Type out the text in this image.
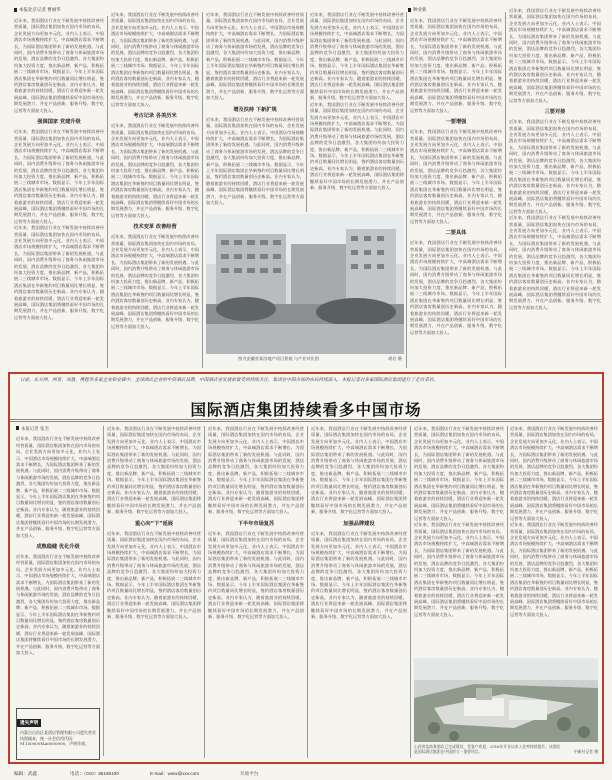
本报北京记者 曹丽华	种业新
近年来，我国酒店行业在不断发展中持续改善经营质量，国际酒店集团加快在国内市场的布局，企业发展方向更加多元化。业内人士表示，中国酒店市场规模持续扩大，中高端酒店需求不断增长，为国际酒店集团带来了新的发展机遇。与此同时，国内消费升级带动了商务与休闲旅游市场的发展，酒店品牌的竞争日趋激烈，各大集团纷纷加大投资力度，推出新品牌、新产品，积极拓展二三线城市市场。数据显示，今年上半年国际酒店集团在华新签约项目数量同比增长明显，签约酒店客房数量创历史新高。业内专家认为，随着旅游业的持续回暖，酒店行业将迎来新一轮发展高峰，国际酒店集团将继续看好中国市场的长期发展潜力，并在产品创新、服务升级、数字化运营等方面加大投入。
强调国家 党建升级
近年来，我国酒店行业在不断发展中持续改善经营质量，国际酒店集团加快在国内市场的布局，企业发展方向更加多元化。业内人士表示，中国酒店市场规模持续扩大，中高端酒店需求不断增长，为国际酒店集团带来了新的发展机遇。与此同时，国内消费升级带动了商务与休闲旅游市场的发展，酒店品牌的竞争日趋激烈，各大集团纷纷加大投资力度，推出新品牌、新产品，积极拓展二三线城市市场。数据显示，今年上半年国际酒店集团在华新签约项目数量同比增长明显，签约酒店客房数量创历史新高。业内专家认为，随着旅游业的持续回暖，酒店行业将迎来新一轮发展高峰，国际酒店集团将继续看好中国市场的长期发展潜力，并在产品创新、服务升级、数字化运营等方面加大投入。
近年来，我国酒店行业在不断发展中持续改善经营质量，国际酒店集团加快在国内市场的布局，企业发展方向更加多元化。业内人士表示，中国酒店市场规模持续扩大，中高端酒店需求不断增长，为国际酒店集团带来了新的发展机遇。与此同时，国内消费升级带动了商务与休闲旅游市场的发展，酒店品牌的竞争日趋激烈，各大集团纷纷加大投资力度，推出新品牌、新产品，积极拓展二三线城市市场。数据显示，今年上半年国际酒店集团在华新签约项目数量同比增长明显，签约酒店客房数量创历史新高。业内专家认为，随着旅游业的持续回暖，酒店行业将迎来新一轮发展高峰，国际酒店集团将继续看好中国市场的长期发展潜力，并在产品创新、服务升级、数字化运营等方面加大投入。
近年来，我国酒店行业在不断发展中持续改善经营质量，国际酒店集团加快在国内市场的布局，企业发展方向更加多元化。业内人士表示，中国酒店市场规模持续扩大，中高端酒店需求不断增长，为国际酒店集团带来了新的发展机遇。与此同时，国内消费升级带动了商务与休闲旅游市场的发展，酒店品牌的竞争日趋激烈，各大集团纷纷加大投资力度，推出新品牌、新产品，积极拓展二三线城市市场。数据显示，今年上半年国际酒店集团在华新签约项目数量同比增长明显，签约酒店客房数量创历史新高。业内专家认为，随着旅游业的持续回暖，酒店行业将迎来新一轮发展高峰，国际酒店集团将继续看好中国市场的长期发展潜力，并在产品创新、服务升级、数字化运营等方面加大投入。
考古记录 各美历米
近年来，我国酒店行业在不断发展中持续改善经营质量，国际酒店集团加快在国内市场的布局，企业发展方向更加多元化。业内人士表示，中国酒店市场规模持续扩大，中高端酒店需求不断增长，为国际酒店集团带来了新的发展机遇。与此同时，国内消费升级带动了商务与休闲旅游市场的发展，酒店品牌的竞争日趋激烈，各大集团纷纷加大投资力度，推出新品牌、新产品，积极拓展二三线城市市场。数据显示，今年上半年国际酒店集团在华新签约项目数量同比增长明显，签约酒店客房数量创历史新高。业内专家认为，随着旅游业的持续回暖，酒店行业将迎来新一轮发展高峰，国际酒店集团将继续看好中国市场的长期发展潜力，并在产品创新、服务升级、数字化运营等方面加大投入。
技术变革 改善经营
近年来，我国酒店行业在不断发展中持续改善经营质量，国际酒店集团加快在国内市场的布局，企业发展方向更加多元化。业内人士表示，中国酒店市场规模持续扩大，中高端酒店需求不断增长，为国际酒店集团带来了新的发展机遇。与此同时，国内消费升级带动了商务与休闲旅游市场的发展，酒店品牌的竞争日趋激烈，各大集团纷纷加大投资力度，推出新品牌、新产品，积极拓展二三线城市市场。数据显示，今年上半年国际酒店集团在华新签约项目数量同比增长明显，签约酒店客房数量创历史新高。业内专家认为，随着旅游业的持续回暖，酒店行业将迎来新一轮发展高峰，国际酒店集团将继续看好中国市场的长期发展潜力，并在产品创新、服务升级、数字化运营等方面加大投入。
近年来，我国酒店行业在不断发展中持续改善经营质量，国际酒店集团加快在国内市场的布局，企业发展方向更加多元化。业内人士表示，中国酒店市场规模持续扩大，中高端酒店需求不断增长，为国际酒店集团带来了新的发展机遇。与此同时，国内消费升级带动了商务与休闲旅游市场的发展，酒店品牌的竞争日趋激烈，各大集团纷纷加大投资力度，推出新品牌、新产品，积极拓展二三线城市市场。数据显示，今年上半年国际酒店集团在华新签约项目数量同比增长明显，签约酒店客房数量创历史新高。业内专家认为，随着旅游业的持续回暖，酒店行业将迎来新一轮发展高峰，国际酒店集团将继续看好中国市场的长期发展潜力，并在产品创新、服务升级、数字化运营等方面加大投入。
增及扶持 下新扩规
近年来，我国酒店行业在不断发展中持续改善经营质量，国际酒店集团加快在国内市场的布局，企业发展方向更加多元化。业内人士表示，中国酒店市场规模持续扩大，中高端酒店需求不断增长，为国际酒店集团带来了新的发展机遇。与此同时，国内消费升级带动了商务与休闲旅游市场的发展，酒店品牌的竞争日趋激烈，各大集团纷纷加大投资力度，推出新品牌、新产品，积极拓展二三线城市市场。数据显示，今年上半年国际酒店集团在华新签约项目数量同比增长明显，签约酒店客房数量创历史新高。业内专家认为，随着旅游业的持续回暖，酒店行业将迎来新一轮发展高峰，国际酒店集团将继续看好中国市场的长期发展潜力，并在产品创新、服务升级、数字化运营等方面加大投入。
近年来，我国酒店行业在不断发展中持续改善经营质量，国际酒店集团加快在国内市场的布局，企业发展方向更加多元化。业内人士表示，中国酒店市场规模持续扩大，中高端酒店需求不断增长，为国际酒店集团带来了新的发展机遇。与此同时，国内消费升级带动了商务与休闲旅游市场的发展，酒店品牌的竞争日趋激烈，各大集团纷纷加大投资力度，推出新品牌、新产品，积极拓展二三线城市市场。数据显示，今年上半年国际酒店集团在华新签约项目数量同比增长明显，签约酒店客房数量创历史新高。业内专家认为，随着旅游业的持续回暖，酒店行业将迎来新一轮发展高峰，国际酒店集团将继续看好中国市场的长期发展潜力，并在产品创新、服务升级、数字化运营等方面加大投入。
近年来，我国酒店行业在不断发展中持续改善经营质量，国际酒店集团加快在国内市场的布局，企业发展方向更加多元化。业内人士表示，中国酒店市场规模持续扩大，中高端酒店需求不断增长，为国际酒店集团带来了新的发展机遇。与此同时，国内消费升级带动了商务与休闲旅游市场的发展，酒店品牌的竞争日趋激烈，各大集团纷纷加大投资力度，推出新品牌、新产品，积极拓展二三线城市市场。数据显示，今年上半年国际酒店集团在华新签约项目数量同比增长明显，签约酒店客房数量创历史新高。业内专家认为，随着旅游业的持续回暖，酒店行业将迎来新一轮发展高峰，国际酒店集团将继续看好中国市场的长期发展潜力，并在产品创新、服务升级、数字化运营等方面加大投入。
图为安徽省某房地产项目景观 与产业对比图	胡启 摄
近年来，我国酒店行业在不断发展中持续改善经营质量，国际酒店集团加快在国内市场的布局，企业发展方向更加多元化。业内人士表示，中国酒店市场规模持续扩大，中高端酒店需求不断增长，为国际酒店集团带来了新的发展机遇。与此同时，国内消费升级带动了商务与休闲旅游市场的发展，酒店品牌的竞争日趋激烈，各大集团纷纷加大投资力度，推出新品牌、新产品，积极拓展二三线城市市场。数据显示，今年上半年国际酒店集团在华新签约项目数量同比增长明显，签约酒店客房数量创历史新高。业内专家认为，随着旅游业的持续回暖，酒店行业将迎来新一轮发展高峰，国际酒店集团将继续看好中国市场的长期发展潜力，并在产品创新、服务升级、数字化运营等方面加大投入。
一要增强
近年来，我国酒店行业在不断发展中持续改善经营质量，国际酒店集团加快在国内市场的布局，企业发展方向更加多元化。业内人士表示，中国酒店市场规模持续扩大，中高端酒店需求不断增长，为国际酒店集团带来了新的发展机遇。与此同时，国内消费升级带动了商务与休闲旅游市场的发展，酒店品牌的竞争日趋激烈，各大集团纷纷加大投资力度，推出新品牌、新产品，积极拓展二三线城市市场。数据显示，今年上半年国际酒店集团在华新签约项目数量同比增长明显，签约酒店客房数量创历史新高。业内专家认为，随着旅游业的持续回暖，酒店行业将迎来新一轮发展高峰，国际酒店集团将继续看好中国市场的长期发展潜力，并在产品创新、服务升级、数字化运营等方面加大投入。
二要具体
近年来，我国酒店行业在不断发展中持续改善经营质量，国际酒店集团加快在国内市场的布局，企业发展方向更加多元化。业内人士表示，中国酒店市场规模持续扩大，中高端酒店需求不断增长，为国际酒店集团带来了新的发展机遇。与此同时，国内消费升级带动了商务与休闲旅游市场的发展，酒店品牌的竞争日趋激烈，各大集团纷纷加大投资力度，推出新品牌、新产品，积极拓展二三线城市市场。数据显示，今年上半年国际酒店集团在华新签约项目数量同比增长明显，签约酒店客房数量创历史新高。业内专家认为，随着旅游业的持续回暖，酒店行业将迎来新一轮发展高峰，国际酒店集团将继续看好中国市场的长期发展潜力，并在产品创新、服务升级、数字化运营等方面加大投入。
近年来，我国酒店行业在不断发展中持续改善经营质量，国际酒店集团加快在国内市场的布局，企业发展方向更加多元化。业内人士表示，中国酒店市场规模持续扩大，中高端酒店需求不断增长，为国际酒店集团带来了新的发展机遇。与此同时，国内消费升级带动了商务与休闲旅游市场的发展，酒店品牌的竞争日趋激烈，各大集团纷纷加大投资力度，推出新品牌、新产品，积极拓展二三线城市市场。数据显示，今年上半年国际酒店集团在华新签约项目数量同比增长明显，签约酒店客房数量创历史新高。业内专家认为，随着旅游业的持续回暖，酒店行业将迎来新一轮发展高峰，国际酒店集团将继续看好中国市场的长期发展潜力，并在产品创新、服务升级、数字化运营等方面加大投入。
三要对接
近年来，我国酒店行业在不断发展中持续改善经营质量，国际酒店集团加快在国内市场的布局，企业发展方向更加多元化。业内人士表示，中国酒店市场规模持续扩大，中高端酒店需求不断增长，为国际酒店集团带来了新的发展机遇。与此同时，国内消费升级带动了商务与休闲旅游市场的发展，酒店品牌的竞争日趋激烈，各大集团纷纷加大投资力度，推出新品牌、新产品，积极拓展二三线城市市场。数据显示，今年上半年国际酒店集团在华新签约项目数量同比增长明显，签约酒店客房数量创历史新高。业内专家认为，随着旅游业的持续回暖，酒店行业将迎来新一轮发展高峰，国际酒店集团将继续看好中国市场的长期发展潜力，并在产品创新、服务升级、数字化运营等方面加大投入。
近年来，我国酒店行业在不断发展中持续改善经营质量，国际酒店集团加快在国内市场的布局，企业发展方向更加多元化。业内人士表示，中国酒店市场规模持续扩大，中高端酒店需求不断增长，为国际酒店集团带来了新的发展机遇。与此同时，国内消费升级带动了商务与休闲旅游市场的发展，酒店品牌的竞争日趋激烈，各大集团纷纷加大投资力度，推出新品牌、新产品，积极拓展二三线城市市场。数据显示，今年上半年国际酒店集团在华新签约项目数量同比增长明显，签约酒店客房数量创历史新高。业内专家认为，随着旅游业的持续回暖，酒店行业将迎来新一轮发展高峰，国际酒店集团将继续看好中国市场的长期发展潜力，并在产品创新、服务升级、数字化运营等方面加大投入。
日前，东方网、网易、凤凰、携程等多家企业和业媒中，全球酒店企业的中资酒店品牌，中国酒店业发展前景受到持续关注，集团在中国市场的布局持续深入，本报记者对多家国际酒店集团进行了走访采访。
国际酒店集团持续看多中国市场
本报记者 张杰
近年来，我国酒店行业在不断发展中持续改善经营质量，国际酒店集团加快在国内市场的布局，企业发展方向更加多元化。业内人士表示，中国酒店市场规模持续扩大，中高端酒店需求不断增长，为国际酒店集团带来了新的发展机遇。与此同时，国内消费升级带动了商务与休闲旅游市场的发展，酒店品牌的竞争日趋激烈，各大集团纷纷加大投资力度，推出新品牌、新产品，积极拓展二三线城市市场。数据显示，今年上半年国际酒店集团在华新签约项目数量同比增长明显，签约酒店客房数量创历史新高。业内专家认为，随着旅游业的持续回暖，酒店行业将迎来新一轮发展高峰，国际酒店集团将继续看好中国市场的长期发展潜力，并在产品创新、服务升级、数字化运营等方面加大投入。
成熟稳健 优化升级
近年来，我国酒店行业在不断发展中持续改善经营质量，国际酒店集团加快在国内市场的布局，企业发展方向更加多元化。业内人士表示，中国酒店市场规模持续扩大，中高端酒店需求不断增长，为国际酒店集团带来了新的发展机遇。与此同时，国内消费升级带动了商务与休闲旅游市场的发展，酒店品牌的竞争日趋激烈，各大集团纷纷加大投资力度，推出新品牌、新产品，积极拓展二三线城市市场。数据显示，今年上半年国际酒店集团在华新签约项目数量同比增长明显，签约酒店客房数量创历史新高。业内专家认为，随着旅游业的持续回暖，酒店行业将迎来新一轮发展高峰，国际酒店集团将继续看好中国市场的长期发展潜力，并在产品创新、服务升级、数字化运营等方面加大投入。
遗失声明
内蒙古自治区某酒店管理有限公司遗失营业执照副本，统一社会信用代码：91150000MA0000000，声明作废。
近年来，我国酒店行业在不断发展中持续改善经营质量，国际酒店集团加快在国内市场的布局，企业发展方向更加多元化。业内人士表示，中国酒店市场规模持续扩大，中高端酒店需求不断增长，为国际酒店集团带来了新的发展机遇。与此同时，国内消费升级带动了商务与休闲旅游市场的发展，酒店品牌的竞争日趋激烈，各大集团纷纷加大投资力度，推出新品牌、新产品，积极拓展二三线城市市场。数据显示，今年上半年国际酒店集团在华新签约项目数量同比增长明显，签约酒店客房数量创历史新高。业内专家认为，随着旅游业的持续回暖，酒店行业将迎来新一轮发展高峰，国际酒店集团将继续看好中国市场的长期发展潜力，并在产品创新、服务升级、数字化运营等方面加大投入。
重心向“下”延展
近年来，我国酒店行业在不断发展中持续改善经营质量，国际酒店集团加快在国内市场的布局，企业发展方向更加多元化。业内人士表示，中国酒店市场规模持续扩大，中高端酒店需求不断增长，为国际酒店集团带来了新的发展机遇。与此同时，国内消费升级带动了商务与休闲旅游市场的发展，酒店品牌的竞争日趋激烈，各大集团纷纷加大投资力度，推出新品牌、新产品，积极拓展二三线城市市场。数据显示，今年上半年国际酒店集团在华新签约项目数量同比增长明显，签约酒店客房数量创历史新高。业内专家认为，随着旅游业的持续回暖，酒店行业将迎来新一轮发展高峰，国际酒店集团将继续看好中国市场的长期发展潜力，并在产品创新、服务升级、数字化运营等方面加大投入。
近年来，我国酒店行业在不断发展中持续改善经营质量，国际酒店集团加快在国内市场的布局，企业发展方向更加多元化。业内人士表示，中国酒店市场规模持续扩大，中高端酒店需求不断增长，为国际酒店集团带来了新的发展机遇。与此同时，国内消费升级带动了商务与休闲旅游市场的发展，酒店品牌的竞争日趋激烈，各大集团纷纷加大投资力度，推出新品牌、新产品，积极拓展二三线城市市场。数据显示，今年上半年国际酒店集团在华新签约项目数量同比增长明显，签约酒店客房数量创历史新高。业内专家认为，随着旅游业的持续回暖，酒店行业将迎来新一轮发展高峰，国际酒店集团将继续看好中国市场的长期发展潜力，并在产品创新、服务升级、数字化运营等方面加大投入。
下半年市场复苏
近年来，我国酒店行业在不断发展中持续改善经营质量，国际酒店集团加快在国内市场的布局，企业发展方向更加多元化。业内人士表示，中国酒店市场规模持续扩大，中高端酒店需求不断增长，为国际酒店集团带来了新的发展机遇。与此同时，国内消费升级带动了商务与休闲旅游市场的发展，酒店品牌的竞争日趋激烈，各大集团纷纷加大投资力度，推出新品牌、新产品，积极拓展二三线城市市场。数据显示，今年上半年国际酒店集团在华新签约项目数量同比增长明显，签约酒店客房数量创历史新高。业内专家认为，随着旅游业的持续回暖，酒店行业将迎来新一轮发展高峰，国际酒店集团将继续看好中国市场的长期发展潜力，并在产品创新、服务升级、数字化运营等方面加大投入。
近年来，我国酒店行业在不断发展中持续改善经营质量，国际酒店集团加快在国内市场的布局，企业发展方向更加多元化。业内人士表示，中国酒店市场规模持续扩大，中高端酒店需求不断增长，为国际酒店集团带来了新的发展机遇。与此同时，国内消费升级带动了商务与休闲旅游市场的发展，酒店品牌的竞争日趋激烈，各大集团纷纷加大投资力度，推出新品牌、新产品，积极拓展二三线城市市场。数据显示，今年上半年国际酒店集团在华新签约项目数量同比增长明显，签约酒店客房数量创历史新高。业内专家认为，随着旅游业的持续回暖，酒店行业将迎来新一轮发展高峰，国际酒店集团将继续看好中国市场的长期发展潜力，并在产品创新、服务升级、数字化运营等方面加大投入。
加强品牌建设
近年来，我国酒店行业在不断发展中持续改善经营质量，国际酒店集团加快在国内市场的布局，企业发展方向更加多元化。业内人士表示，中国酒店市场规模持续扩大，中高端酒店需求不断增长，为国际酒店集团带来了新的发展机遇。与此同时，国内消费升级带动了商务与休闲旅游市场的发展，酒店品牌的竞争日趋激烈，各大集团纷纷加大投资力度，推出新品牌、新产品，积极拓展二三线城市市场。数据显示，今年上半年国际酒店集团在华新签约项目数量同比增长明显，签约酒店客房数量创历史新高。业内专家认为，随着旅游业的持续回暖，酒店行业将迎来新一轮发展高峰，国际酒店集团将继续看好中国市场的长期发展潜力，并在产品创新、服务升级、数字化运营等方面加大投入。
近年来，我国酒店行业在不断发展中持续改善经营质量，国际酒店集团加快在国内市场的布局，企业发展方向更加多元化。业内人士表示，中国酒店市场规模持续扩大，中高端酒店需求不断增长，为国际酒店集团带来了新的发展机遇。与此同时，国内消费升级带动了商务与休闲旅游市场的发展，酒店品牌的竞争日趋激烈，各大集团纷纷加大投资力度，推出新品牌、新产品，积极拓展二三线城市市场。数据显示，今年上半年国际酒店集团在华新签约项目数量同比增长明显，签约酒店客房数量创历史新高。业内专家认为，随着旅游业的持续回暖，酒店行业将迎来新一轮发展高峰，国际酒店集团将继续看好中国市场的长期发展潜力，并在产品创新、服务升级、数字化运营等方面加大投入。
近年来，我国酒店行业在不断发展中持续改善经营质量，国际酒店集团加快在国内市场的布局，企业发展方向更加多元化。业内人士表示，中国酒店市场规模持续扩大，中高端酒店需求不断增长，为国际酒店集团带来了新的发展机遇。与此同时，国内消费升级带动了商务与休闲旅游市场的发展，酒店品牌的竞争日趋激烈，各大集团纷纷加大投资力度，推出新品牌、新产品，积极拓展二三线城市市场。数据显示，今年上半年国际酒店集团在华新签约项目数量同比增长明显，签约酒店客房数量创历史新高。业内专家认为，随着旅游业的持续回暖，酒店行业将迎来新一轮发展高峰，国际酒店集团将继续看好中国市场的长期发展潜力，并在产品创新、服务升级、数字化运营等方面加大投入。
近年来，我国酒店行业在不断发展中持续改善经营质量，国际酒店集团加快在国内市场的布局，企业发展方向更加多元化。业内人士表示，中国酒店市场规模持续扩大，中高端酒店需求不断增长，为国际酒店集团带来了新的发展机遇。与此同时，国内消费升级带动了商务与休闲旅游市场的发展，酒店品牌的竞争日趋激烈，各大集团纷纷加大投资力度，推出新品牌、新产品，积极拓展二三线城市市场。数据显示，今年上半年国际酒店集团在华新签约项目数量同比增长明显，签约酒店客房数量创历史新高。业内专家认为，随着旅游业的持续回暖，酒店行业将迎来新一轮发展高峰，国际酒店集团将继续看好中国市场的长期发展潜力，并在产品创新、服务升级、数字化运营等方面加大投入。
近年来，我国酒店行业在不断发展中持续改善经营质量，国际酒店集团加快在国内市场的布局，企业发展方向更加多元化。业内人士表示，中国酒店市场规模持续扩大，中高端酒店需求不断增长，为国际酒店集团带来了新的发展机遇。与此同时，国内消费升级带动了商务与休闲旅游市场的发展，酒店品牌的竞争日趋激烈，各大集团纷纷加大投资力度，推出新品牌、新产品，积极拓展二三线城市市场。数据显示，今年上半年国际酒店集团在华新签约项目数量同比增长明显，签约酒店客房数量创历史新高。业内专家认为，随着旅游业的持续回暖，酒店行业将迎来新一轮发展高峰，国际酒店集团将继续看好中国市场的长期发展潜力，并在产品创新、服务升级、数字化运营等方面加大投入。
山西省某商务酒店已完成建设，受客户欢迎，2016年开业以来入住率持续提升。该酒店是国际酒店集团在中国的又一重要项目。	中新社记者 摄
编辑：武鑫	电话：（010）85168100	E-mail：www@xxx.com	开放平台
